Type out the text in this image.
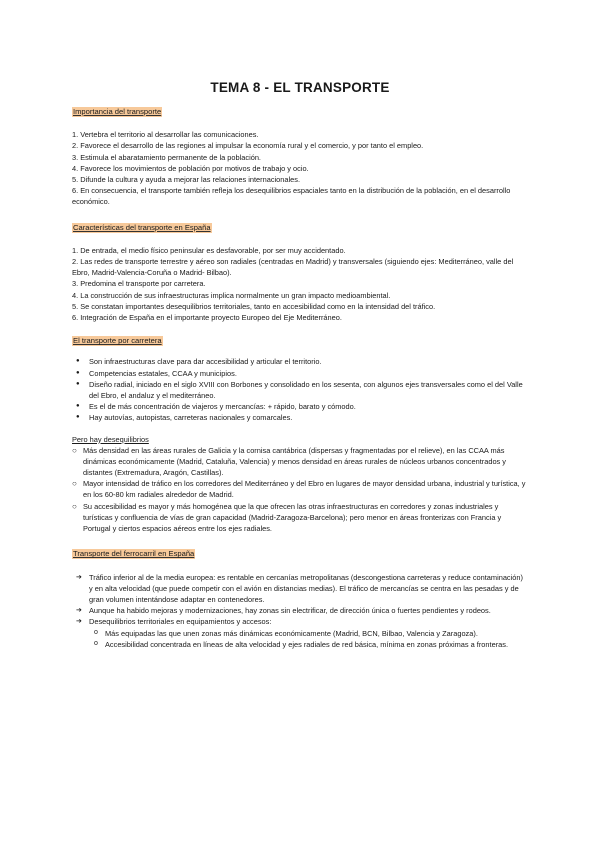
TEMA 8 - EL TRANSPORTE
Importancia del transporte

1. Vertebra el territorio al desarrollar las comunicaciones.

2. Favorece el desarrollo de las regiones al impulsar la economía rural y el comercio, y por tanto el empleo.

3. Estimula el abaratamiento permanente de la población.

4. Favorece los movimientos de población por motivos de trabajo y ocio.

5. Difunde la cultura y ayuda a mejorar las relaciones internacionales.

6. En consecuencia, el transporte también refleja los desequilibrios espaciales tanto en la distribución de la población, en el desarrollo económico.

Características del transporte en España

1. De entrada, el medio físico peninsular es desfavorable, por ser muy accidentado.

2. Las redes de transporte terrestre y aéreo son radiales (centradas en Madrid) y transversales (siguiendo ejes: Mediterráneo, valle del Ebro, Madrid-Valencia-Coruña o Madrid- Bilbao).

3. Predomina el transporte por carretera.

4. La construcción de sus infraestructuras implica normalmente un gran impacto medioambiental.

5. Se constatan importantes desequilibrios territoriales, tanto en accesibilidad como en la intensidad del tráfico.

6. Integración de España en el importante proyecto Europeo del Eje Mediterráneo.

El transporte por carretera
● Son infraestructuras clave para dar accesibilidad y articular el territorio.
● Competencias estatales, CCAA y municipios.
● Diseño radial, iniciado en el siglo XVIII con Borbones y consolidado en los sesenta, con algunos ejes transversales como el del Valle del Ebro, el andaluz y el mediterráneo.
● Es el de más concentración de viajeros y mercancías: + rápido, barato y cómodo.
● Hay autovías, autopistas, carreteras nacionales y comarcales.
Pero hay desequilibrios
○ Más densidad en las áreas rurales de Galicia y la cornisa cantábrica (dispersas y fragmentadas por el relieve), en las CCAA más dinámicas económicamente (Madrid, Cataluña, Valencia) y menos densidad en áreas rurales de núcleos urbanos concentrados y distantes (Extremadura, Aragón, Castillas).
○ Mayor intensidad de tráfico en los corredores del Mediterráneo y del Ebro en lugares de mayor densidad urbana, industrial y turística, y en los 60-80 km radiales alrededor de Madrid.
○ Su accesibilidad es mayor y más homogénea que la que ofrecen las otras infraestructuras en corredores y zonas industriales y turísticas y confluencia de vías de gran capacidad (Madrid-Zaragoza-Barcelona); pero menor en áreas fronterizas con Francia y Portugal y ciertos espacios aéreos entre los ejes radiales.
Transporte del ferrocarril en España
➔ Tráfico inferior al de la media europea: es rentable en cercanías metropolitanas (descongestiona carreteras y reduce contaminación) y en alta velocidad (que puede competir con el avión en distancias medias). El tráfico de mercancías se centra en las pesadas y de gran volumen intentándose adaptar en contenedores.
➔ Aunque ha habido mejoras y modernizaciones, hay zonas sin electrificar, de dirección única o fuertes pendientes y rodeos.
➔ Desequilibrios territoriales en equipamientos y accesos:
o Más equipadas las que unen zonas más dinámicas económicamente (Madrid, BCN, Bilbao, Valencia y Zaragoza).
o Accesibilidad concentrada en líneas de alta velocidad y ejes radiales de red básica, mínima en zonas próximas a fronteras.
